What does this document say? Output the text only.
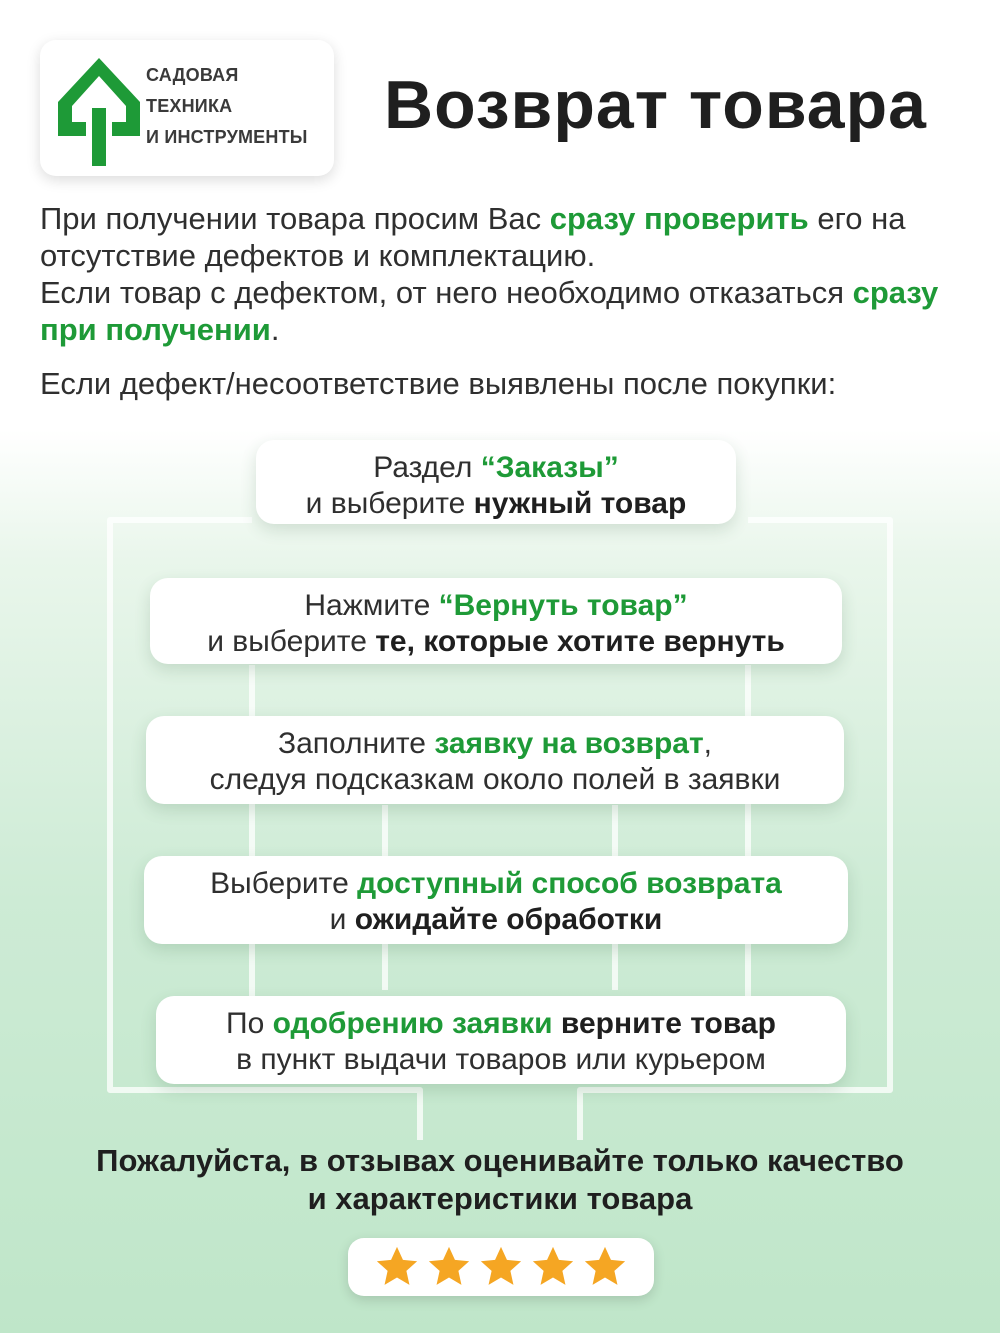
САДОВАЯ
ТЕХНИКА
И ИНСТРУМЕНТЫ Возврат товара

При получении товара просим Вас сразу проверить его на отсутствие дефектов и комплектацию.

Если товар с дефектом, от него необходимо отказаться сразу при получении.

Если дефект/несоответствие выявлены после покупки:
Раздел “Заказы”
и выберите нужный товар
Нажмите “Вернуть товар”
и выберите те, которые хотите вернуть
Заполните заявку на возврат,
следуя подсказкам около полей в заявки
Выберите доступный способ возврата
и ожидайте обработки
По одобрению заявки верните товар
в пункт выдачи товаров или курьером
Пожалуйста, в отзывах оценивайте только качество
и характеристики товара
